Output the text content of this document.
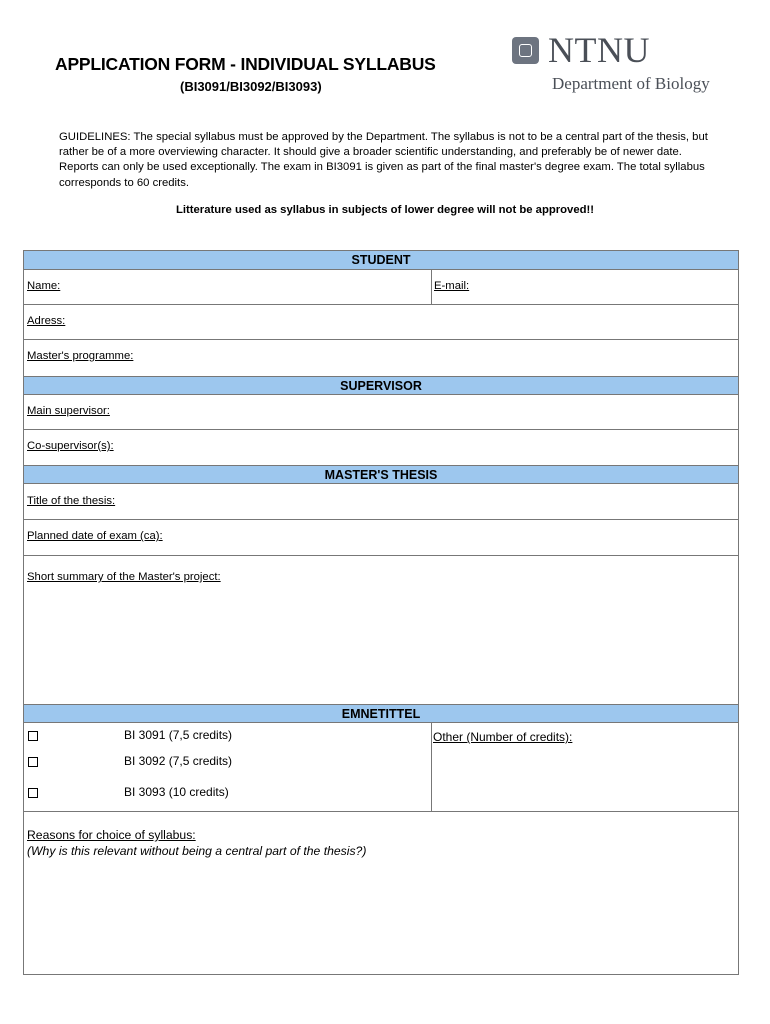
APPLICATION FORM - INDIVIDUAL SYLLABUS
(BI3091/BI3092/BI3093)
NTNU
Department of Biology
GUIDELINES: The special syllabus must be approved by the Department. The syllabus is not to be a central part of the thesis, but rather be of a more overviewing character. It should give a broader scientific understanding, and preferably be of newer date. Reports can only be used exceptionally. The exam in BI3091 is given as part of the final master's degree exam. The total syllabus corresponds to 60 credits.
Litterature used as syllabus in subjects of lower degree will not be approved!!
STUDENT
Name:	E-mail:
Adress:
Master's programme:
SUPERVISOR
Main supervisor:
Co-supervisor(s):
MASTER'S THESIS
Title of the thesis:
Planned date of exam (ca):
Short summary of the Master's project:
EMNETITTEL
BI 3091 (7,5 credits)
BI 3092 (7,5 credits)
BI 3093 (10 credits)
Other (Number of credits):
Reasons for choice of syllabus:
(Why is this relevant without being a central part of the thesis?)
